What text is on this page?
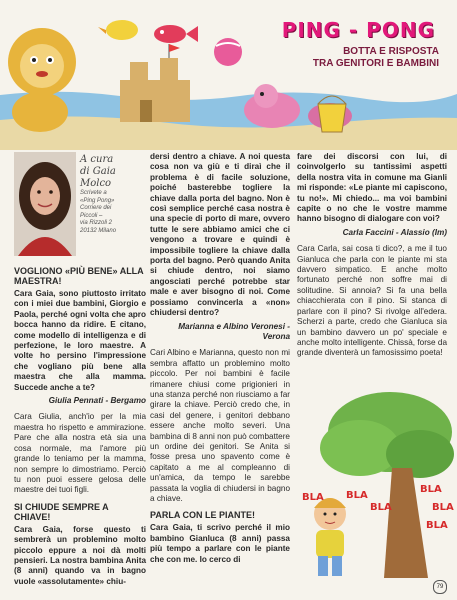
PING - PONG
BOTTA E RISPOSTA
TRA GENITORI E BAMBINI
A cura
di Gaia
Molco
Scrivete a
«Ping Pong»
Corriere dei
Piccoli –
via Rizzoli 2
20132 Milano
VOGLIONO «PIÙ BENE» ALLA MAESTRA!

Cara Gaia, sono piuttosto irritato con i miei due bambini, Giorgio e Paola, perché ogni volta che apro bocca hanno da ridire. E citano, come modello di intelligenza e di perfezione, le loro maestre. A volte ho persino l'impressione che vogliano più bene alla maestra che alla mamma. Succede anche a te?

Giulia Pennati - Bergamo

Cara Giulia, anch'io per la mia maestra ho rispetto e ammirazione. Pare che alla nostra età sia una cosa normale, ma l'amore più grande lo teniamo per la mamma, non sempre lo dimostriamo. Perciò tu non puoi essere gelosa delle maestre dei tuoi figli.

SI CHIUDE SEMPRE A CHIAVE!

Cara Gaia, forse questo ti sembrerà un problemino molto piccolo eppure a noi dà molti pensieri. La nostra bambina Anita (8 anni) quando va in bagno vuole «assolutamente» chiu-

dersi dentro a chiave. A noi questa cosa non va giù e ti diraì che il problema è di facile soluzione, poiché basterebbe togliere la chiave dalla porta del bagno. Non è così semplice perché casa nostra è una specie di porto di mare, ovvero tutte le sere abbiamo amici che ci vengono a trovare e quindi è impossibile togliere la chiave dalla porta del bagno. Però quando Anita si chiude dentro, noi siamo angosciati perché potrebbe star male e aver bisogno di noi. Come possiamo convincerla a «non» chiudersi dentro?

Marianna e Albino Veronesi - Verona

Cari Albino e Marianna, questo non mi sembra affatto un problemino molto piccolo. Per noi bambini è facile rimanere chiusi come prigionieri in una stanza perché non riusciamo a far girare la chiave. Perciò credo che, in casi del genere, i genitori debbano essere anche molto severi. Una bambina di 8 anni non può combattere un ordine dei genitori. Se Anita si fosse presa uno spavento come è capitato a me al compleanno di un'amica, da tempo le sarebbe passata la voglia di chiudersi in bagno a chiave.

PARLA CON LE PIANTE!

Cara Gaia, ti scrivo perché il mio bambino Gianluca (8 anni) passa più tempo a parlare con le piante che con me. Io cerco di

fare dei discorsi con lui, di coinvolgerlo su tantissimi aspetti della nostra vita in comune ma Gianli mi risponde: «Le piante mi capiscono, tu no!». Mi chiedo... ma voi bambini capite o no che le vostre mamme hanno bisogno di dialogare con voi?

Carla Faccini - Alassio (Im)

Cara Carla, sai cosa ti dico?, a me il tuo Gianluca che parla con le piante mi sta davvero simpatico. E anche molto fortunato perché non soffre mai di solitudine. Si annoia? Si fa una bella chiacchierata con il pino. Si stanca di parlare con il pino? Si rivolge all'edera. Scherzi a parte, credo che Gianluca sia un bambino davvero un po' speciale e anche molto intelligente. Chissà, forse da grande diventerà un famosissimo poeta!

BLA
BLA
BLA
BLA
BLA
BLA
79
